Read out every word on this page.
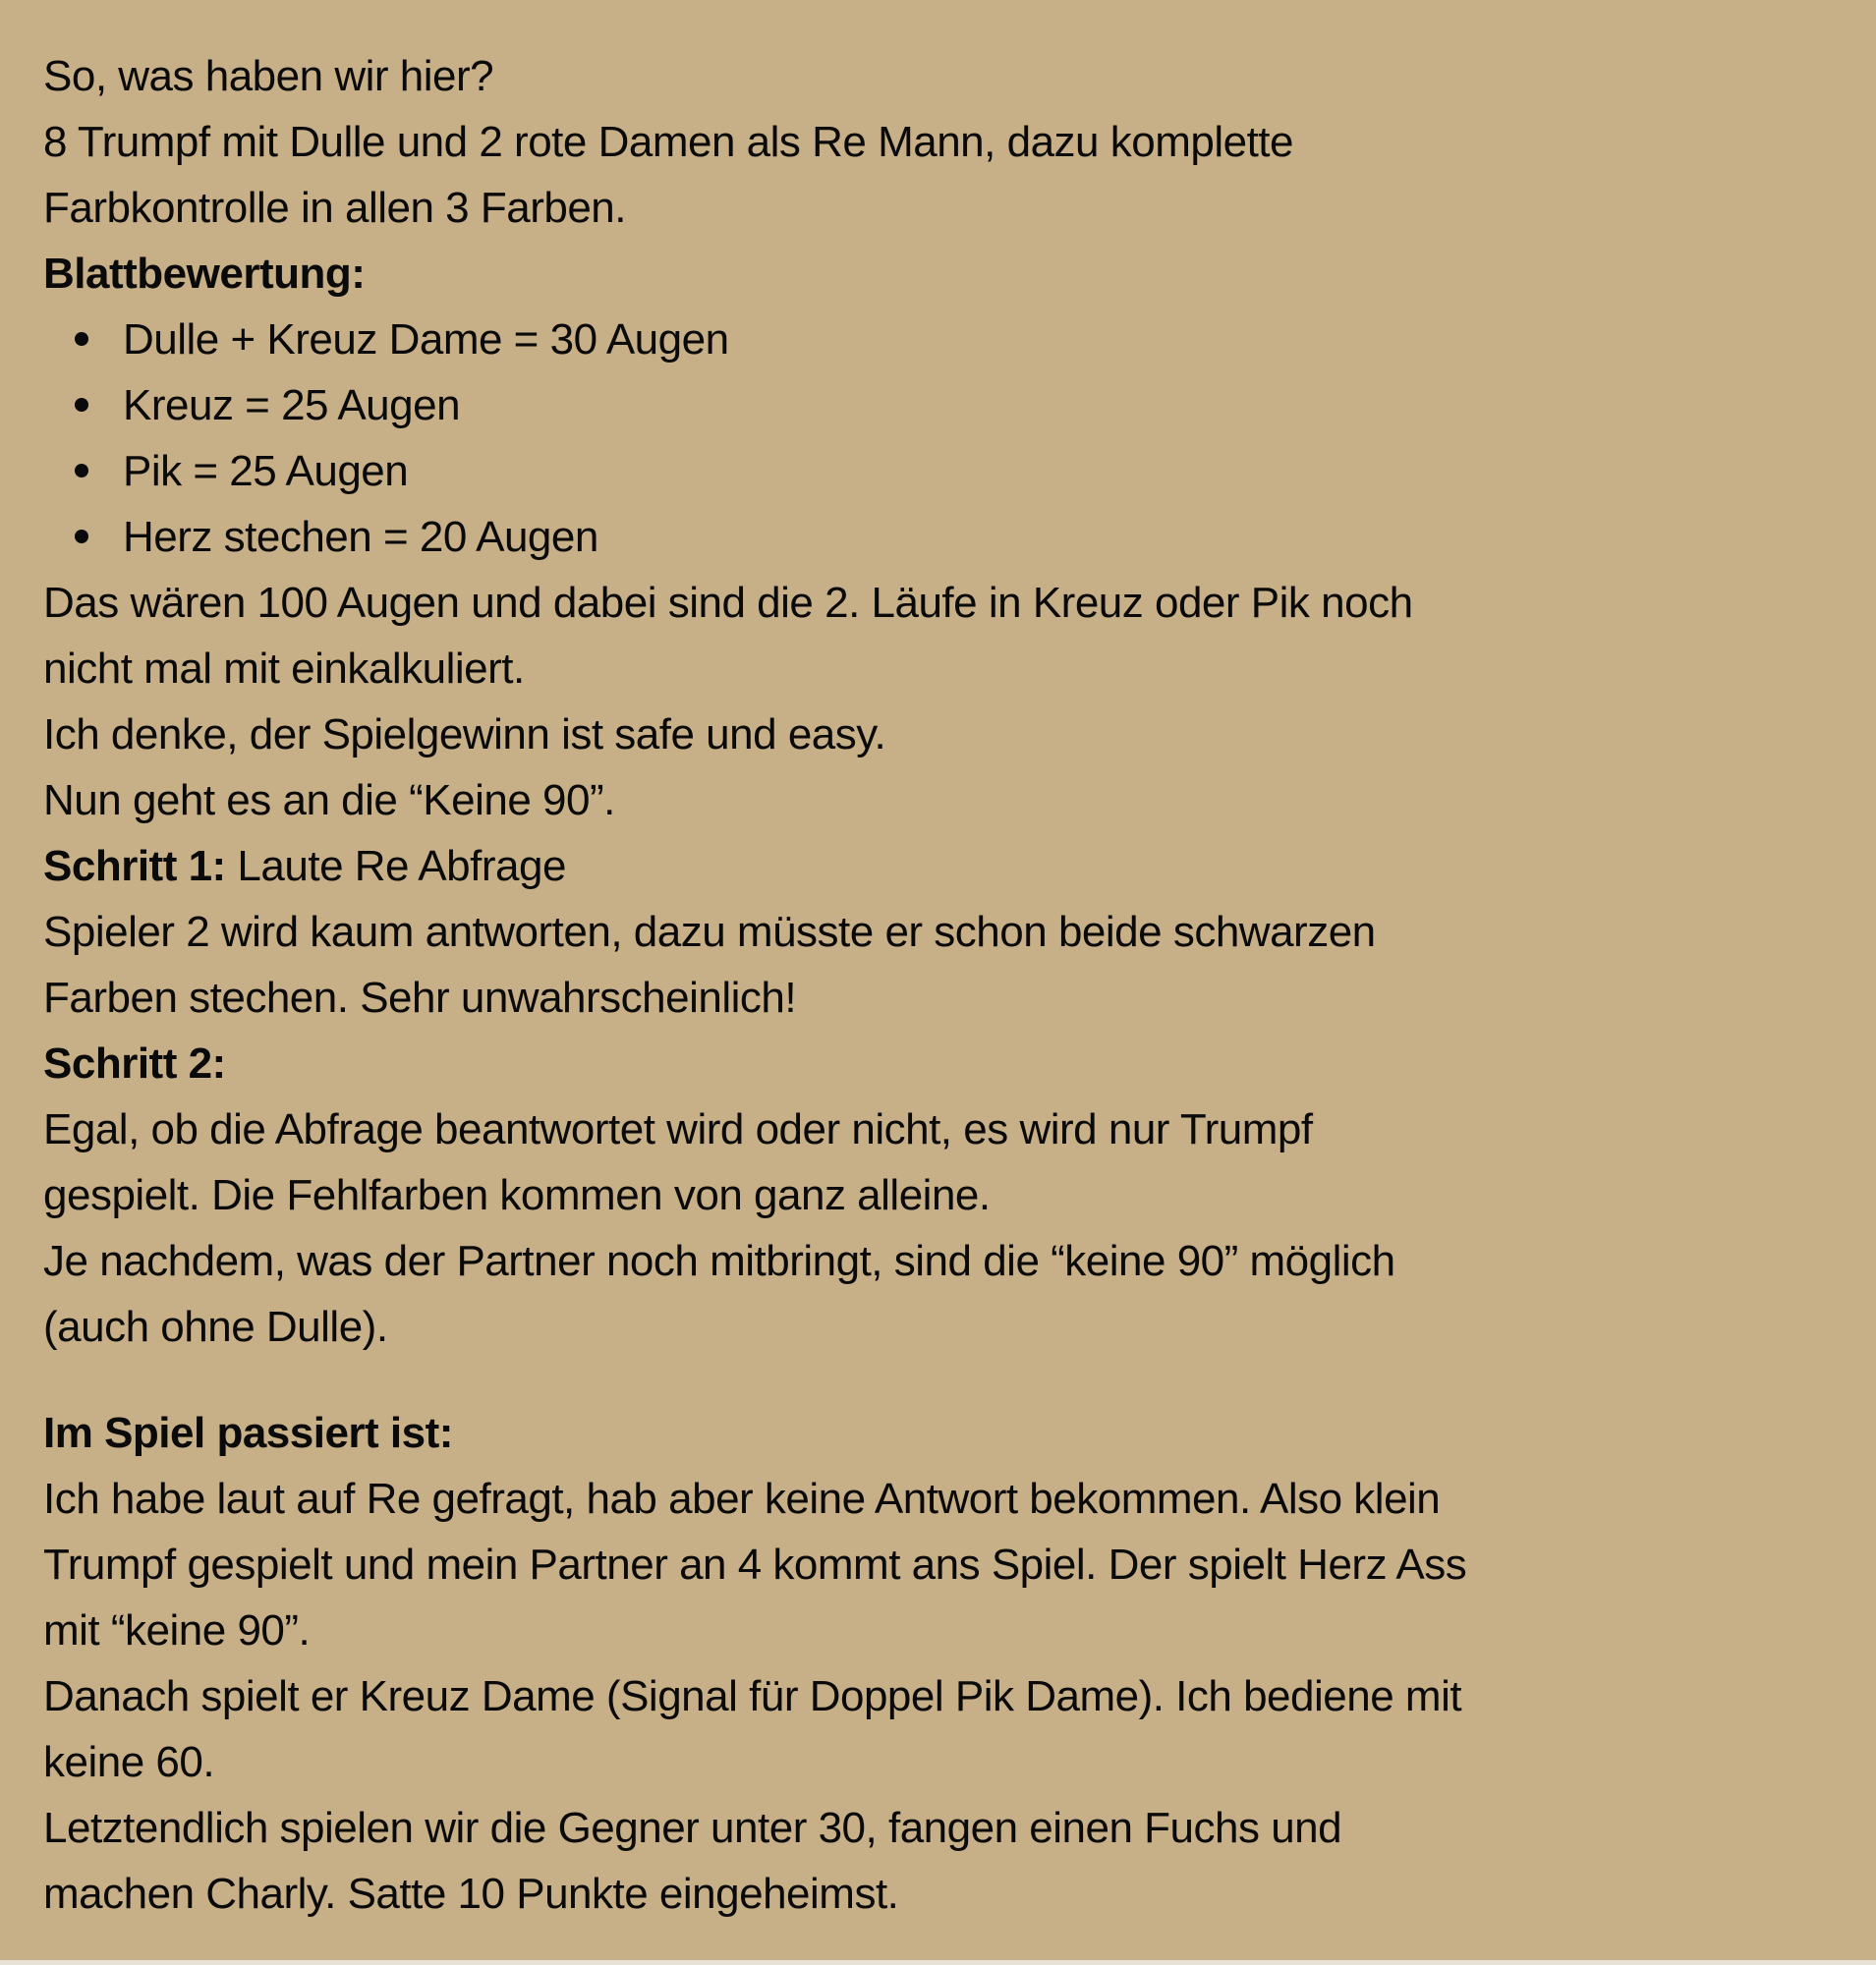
So, was haben wir hier?
8 Trumpf mit Dulle und 2 rote Damen als Re Mann, dazu komplette
Farbkontrolle in allen 3 Farben.
Blattbewertung:
Dulle + Kreuz Dame = 30 Augen
Kreuz = 25 Augen
Pik = 25 Augen
Herz stechen = 20 Augen
Das wären 100 Augen und dabei sind die 2. Läufe in Kreuz oder Pik noch
nicht mal mit einkalkuliert.
Ich denke, der Spielgewinn ist safe und easy.
Nun geht es an die “Keine 90”.
Schritt 1: Laute Re Abfrage
Spieler 2 wird kaum antworten, dazu müsste er schon beide schwarzen
Farben stechen. Sehr unwahrscheinlich!
Schritt 2:
Egal, ob die Abfrage beantwortet wird oder nicht, es wird nur Trumpf
gespielt. Die Fehlfarben kommen von ganz alleine.
Je nachdem, was der Partner noch mitbringt, sind die “keine 90” möglich
(auch ohne Dulle).
Im Spiel passiert ist:
Ich habe laut auf Re gefragt, hab aber keine Antwort bekommen. Also klein
Trumpf gespielt und mein Partner an 4 kommt ans Spiel. Der spielt Herz Ass
mit “keine 90”.
Danach spielt er Kreuz Dame (Signal für Doppel Pik Dame). Ich bediene mit
keine 60.
Letztendlich spielen wir die Gegner unter 30, fangen einen Fuchs und
machen Charly. Satte 10 Punkte eingeheimst.
